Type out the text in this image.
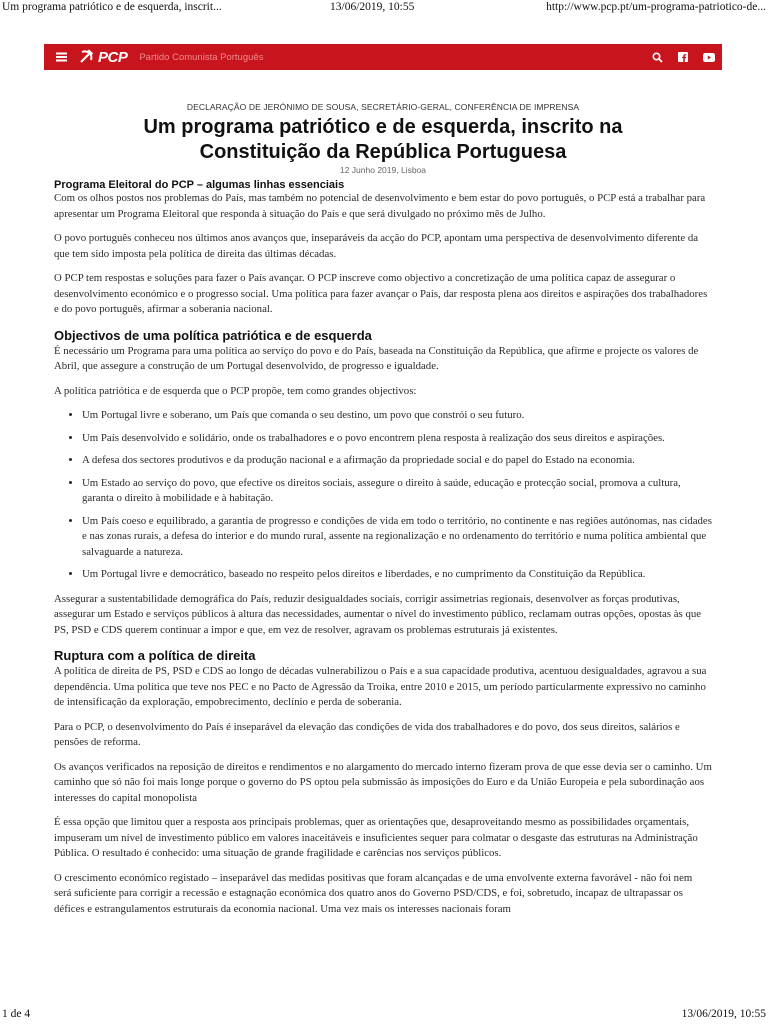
Um programa patriótico e de esquerda, inscrit...	13/06/2019, 10:55	http://www.pcp.pt/um-programa-patriotico-de...
PCP Partido Comunista Português
DECLARAÇÃO DE JERÓNIMO DE SOUSA, SECRETÁRIO-GERAL, CONFERÊNCIA DE IMPRENSA
Um programa patriótico e de esquerda, inscrito na Constituição da República Portuguesa
12 Junho 2019, Lisboa
Programa Eleitoral do PCP – algumas linhas essenciais

Com os olhos postos nos problemas do País, mas também no potencial de desenvolvimento e bem estar do povo português, o PCP está a trabalhar para apresentar um Programa Eleitoral que responda à situação do País e que será divulgado no próximo mês de Julho.

O povo português conheceu nos últimos anos avanços que, inseparáveis da acção do PCP, apontam uma perspectiva de desenvolvimento diferente da que tem sido imposta pela política de direita das últimas décadas.

O PCP tem respostas e soluções para fazer o País avançar. O PCP inscreve como objectivo a concretização de uma política capaz de assegurar o desenvolvimento económico e o progresso social. Uma política para fazer avançar o País, dar resposta plena aos direitos e aspirações dos trabalhadores e do povo português, afirmar a soberania nacional.

Objectivos de uma política patriótica e de esquerda

É necessário um Programa para uma política ao serviço do povo e do País, baseada na Constituição da República, que afirme e projecte os valores de Abril, que assegure a construção de um Portugal desenvolvido, de progresso e igualdade.

A política patriótica e de esquerda que o PCP propõe, tem como grandes objectivos:

• Um Portugal livre e soberano, um País que comanda o seu destino, um povo que constrói o seu futuro.
• Um País desenvolvido e solidário, onde os trabalhadores e o povo encontrem plena resposta à realização dos seus direitos e aspirações.
• A defesa dos sectores produtivos e da produção nacional e a afirmação da propriedade social e do papel do Estado na economia.
• Um Estado ao serviço do povo, que efective os direitos sociais, assegure o direito à saúde, educação e protecção social, promova a cultura, garanta o direito à mobilidade e à habitação.
• Um País coeso e equilibrado, a garantia de progresso e condições de vida em todo o território, no continente e nas regiões autónomas, nas cidades e nas zonas rurais, a defesa do interior e do mundo rural, assente na regionalização e no ordenamento do território e numa política ambiental que salvaguarde a natureza.
• Um Portugal livre e democrático, baseado no respeito pelos direitos e liberdades, e no cumprimento da Constituição da República.

Assegurar a sustentabilidade demográfica do País, reduzir desigualdades sociais, corrigir assimetrias regionais, desenvolver as forças produtivas, assegurar um Estado e serviços públicos à altura das necessidades, aumentar o nível do investimento público, reclamam outras opções, opostas às que PS, PSD e CDS querem continuar a impor e que, em vez de resolver, agravam os problemas estruturais já existentes.

Ruptura com a política de direita

A política de direita de PS, PSD e CDS ao longo de décadas vulnerabilizou o País e a sua capacidade produtiva, acentuou desigualdades, agravou a sua dependência. Uma política que teve nos PEC e no Pacto de Agressão da Troika, entre 2010 e 2015, um período particularmente expressivo no caminho de intensificação da exploração, empobrecimento, declínio e perda de soberania.

Para o PCP, o desenvolvimento do País é inseparável da elevação das condições de vida dos trabalhadores e do povo, dos seus direitos, salários e pensões de reforma.

Os avanços verificados na reposição de direitos e rendimentos e no alargamento do mercado interno fizeram prova de que esse devia ser o caminho. Um caminho que só não foi mais longe porque o governo do PS optou pela submissão às imposições do Euro e da União Europeia e pela subordinação aos interesses do capital monopolista

É essa opção que limitou quer a resposta aos principais problemas, quer as orientações que, desaproveitando mesmo as possibilidades orçamentais, impuseram um nível de investimento público em valores inaceitáveis e insuficientes sequer para colmatar o desgaste das estruturas na Administração Pública. O resultado é conhecido: uma situação de grande fragilidade e carências nos serviços públicos.

O crescimento económico registado – inseparável das medidas positivas que foram alcançadas e de uma envolvente externa favorável - não foi nem será suficiente para corrigir a recessão e estagnação económica dos quatro anos do Governo PSD/CDS, e foi, sobretudo, incapaz de ultrapassar os défices e estrangulamentos estruturais da economia nacional. Uma vez mais os interesses nacionais foram

1 de 4	13/06/2019, 10:55
